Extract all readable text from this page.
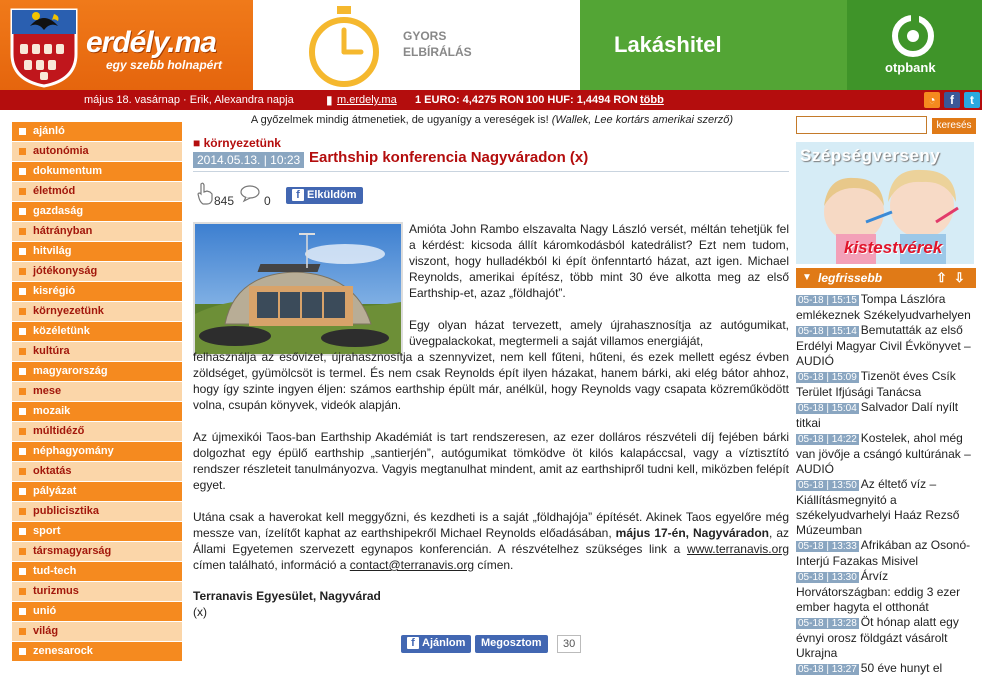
erdély.ma
egy szebb holnapért
GYORS
ELBÍRÁLÁS	Lakáshitel
otpbank
május 18. vasárnap · Erik, Alexandra napja	▮ m.erdely.ma 1 EURO: 4,4275 RON 100 HUF: 1,4494 RON több	◔	f	t
ajánló
autonómia
dokumentum
életmód
gazdaság
hátrányban
hitvilág
jótékonyság
kisrégió
környezetünk
közéletünk
kultúra
magyarország
mese
mozaik
múltidéző
néphagyomány
oktatás
pályázat
publicisztika
sport
társmagyarság
tud-tech
turizmus
unió
világ
zenesarock
A győzelmek mindig átmenetiek, de ugyanígy a vereségek is! (Wallek, Lee kortárs amerikai szerző)
■ környezetünk
2014.05.13. | 10:23 Earthship konferencia Nagyváradon (x)
845 0	f Elküldöm
Amióta John Rambo elszavalta Nagy László versét, méltán tehetjük fel a kérdést: kicsoda állít káromkodásból katedrálist? Ezt nem tudom, viszont, hogy hulladékból ki épít önfenntartó házat, azt igen. Michael Reynolds, amerikai építész, több mint 30 éve alkotta meg az első Earthship-et, azaz „földhajót”.
Egy olyan házat tervezett, amely újrahasznosítja az autógumikat, üvegpalackokat, megtermeli a saját villamos energiáját,
felhasználja az esővizet, újrahasznosítja a szennyvizet, nem kell fűteni, hűteni, és ezek mellett egész évben zöldséget, gyümölcsöt is termel. És nem csak Reynolds épít ilyen házakat, hanem bárki, aki elég bátor ahhoz, hogy így szinte ingyen éljen: számos earthship épült már, anélkül, hogy Reynolds vagy csapata közreműködött volna, csupán könyvek, videók alapján.
Az újmexikói Taos-ban Earthship Akadémiát is tart rendszeresen, az ezer dolláros részvételi díj fejében bárki dolgozhat egy épülő earthship „santierjén”, autógumikat tömködve öt kilós kalapáccsal, vagy a víztisztító rendszer részleteit tanulmányozva. Vagyis megtanulhat mindent, amit az earthshipről tudni kell, miközben felépít egyet.
Utána csak a haverokat kell meggyőzni, és kezdheti is a saját „földhajója” építését. Akinek Taos egyelőre még messze van, ízelítőt kaphat az earthshipekről Michael Reynolds előadásában, május 17-én, Nagyváradon, az Állami Egyetemen szervezett egynapos konferencián. A részvételhez szükséges link a www.terranavis.org címen található, információ a contact@terranavis.org címen.
Terranavis Egyesület, Nagyvárad
(x)
f Ajánlom	Megosztom	30
keresés
Szépségverseny
kistestvérek
▼ legfrissebb	⇧ ⇩
05-18 | 15:15 Tompa Lászlóra emlékeznek Székelyudvarhelyen
05-18 | 15:14 Bemutatták az első Erdélyi Magyar Civil Évkönyvet – AUDIÓ
05-18 | 15:09 Tizenöt éves Csík Terület Ifjúsági Tanácsa
05-18 | 15:04 Salvador Dalí nyílt titkai
05-18 | 14:22 Kostelek, ahol még van jövője a csángó kultúrának – AUDIÓ
05-18 | 13:50 Az éltető víz – Kiállításmegnyitó a székelyudvarhelyi Haáz Rezső Múzeumban
05-18 | 13:33 Afrikában az Osonó- Interjú Fazakas Misivel
05-18 | 13:30 Árvíz Horvátországban: eddig 3 ezer ember hagyta el otthonát
05-18 | 13:28 Öt hónap alatt egy évnyi orosz földgázt vásárolt Ukrajna
05-18 | 13:27 50 éve hunyt el
